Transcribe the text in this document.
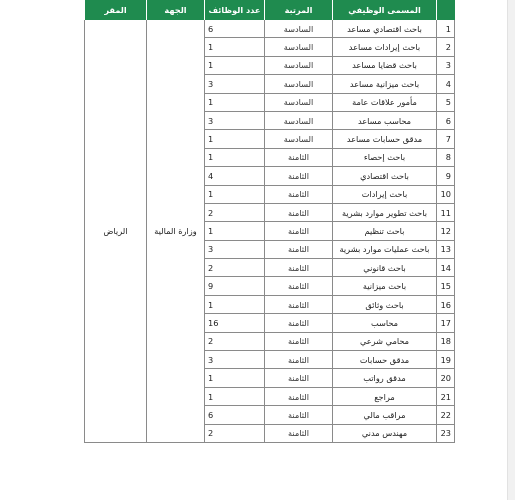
	المسمى الوظيفي	المرتبة	عدد الوظائف	الجهة	المقر
1	باحث اقتصادي مساعد	السادسة	6	وزارة المالية	الرياض
2	باحث إيرادات مساعد	السادسة	1		
3	باحث قضايا مساعد	السادسة	1		
4	باحث ميزانية مساعد	السادسة	3		
5	مأمور علاقات عامة	السادسة	1		
6	محاسب مساعد	السادسة	3		
7	مدقق حسابات مساعد	السادسة	1		
8	باحث إحصاء	الثامنة	1		
9	باحث اقتصادي	الثامنة	4		
10	باحث إيرادات	الثامنة	1		
11	باحث تطوير موارد بشرية	الثامنة	2		
12	باحث تنظيم	الثامنة	1		
13	باحث عمليات موارد بشرية	الثامنة	3		
14	باحث قانوني	الثامنة	2		
15	باحث ميزانية	الثامنة	9		
16	باحث وثائق	الثامنة	1		
17	محاسب	الثامنة	16		
18	محامي شرعي	الثامنة	2		
19	مدقق حسابات	الثامنة	3		
20	مدقق رواتب	الثامنة	1		
21	مراجع	الثامنة	1		
22	مراقب مالي	الثامنة	6		
23	مهندس مدني	الثامنة	2		
